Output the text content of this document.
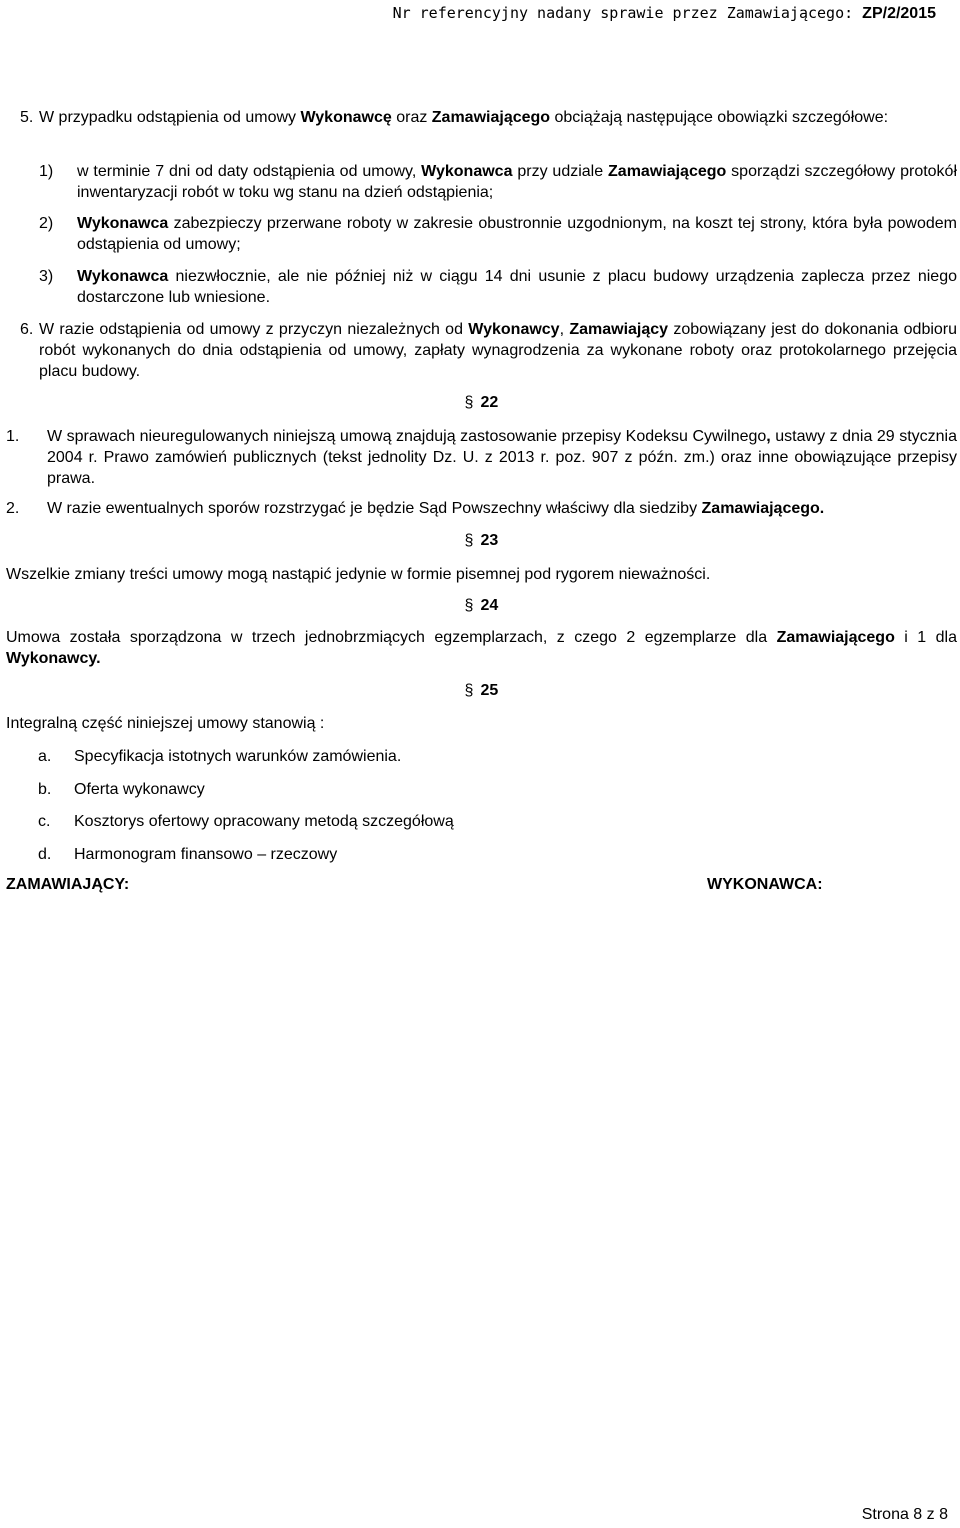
Nr referencyjny nadany sprawie przez Zamawiającego: ZP/2/2015
5. W przypadku odstąpienia od umowy Wykonawcę oraz Zamawiającego obciążają następujące obowiązki szczegółowe:
1) w terminie 7 dni od daty odstąpienia od umowy, Wykonawca przy udziale Zamawiającego sporządzi szczegółowy protokół inwentaryzacji robót w toku wg stanu na dzień odstąpienia;
2) Wykonawca zabezpieczy przerwane roboty w zakresie obustronnie uzgodnionym, na koszt tej strony, która była powodem odstąpienia od umowy;
3) Wykonawca niezwłocznie, ale nie później niż w ciągu 14 dni usunie z placu budowy urządzenia zaplecza przez niego dostarczone lub wniesione.
6. W razie odstąpienia od umowy z przyczyn niezależnych od Wykonawcy, Zamawiający zobowiązany jest do dokonania odbioru robót wykonanych do dnia odstąpienia od umowy, zapłaty wynagrodzenia za wykonane roboty oraz protokolarnego przejęcia placu budowy.
§ 22
1. W sprawach nieuregulowanych niniejszą umową znajdują zastosowanie przepisy Kodeksu Cywilnego, ustawy z dnia 29 stycznia 2004 r. Prawo zamówień publicznych (tekst jednolity Dz. U. z 2013 r. poz. 907 z późn. zm.) oraz inne obowiązujące przepisy prawa.
2. W razie ewentualnych sporów rozstrzygać je będzie Sąd Powszechny właściwy dla siedziby Zamawiającego.
§ 23
Wszelkie zmiany treści umowy mogą nastąpić jedynie w formie pisemnej pod rygorem nieważności.
§ 24
Umowa została sporządzona w trzech jednobrzmiących egzemplarzach, z czego 2 egzemplarze dla Zamawiającego i 1 dla Wykonawcy.
§ 25
Integralną część niniejszej umowy stanowią :
a. Specyfikacja istotnych warunków zamówienia.
b. Oferta wykonawcy
c. Kosztorys ofertowy opracowany metodą szczegółową
d. Harmonogram finansowo – rzeczowy
ZAMAWIAJĄCY:	WYKONAWCA:
Strona 8 z 8
